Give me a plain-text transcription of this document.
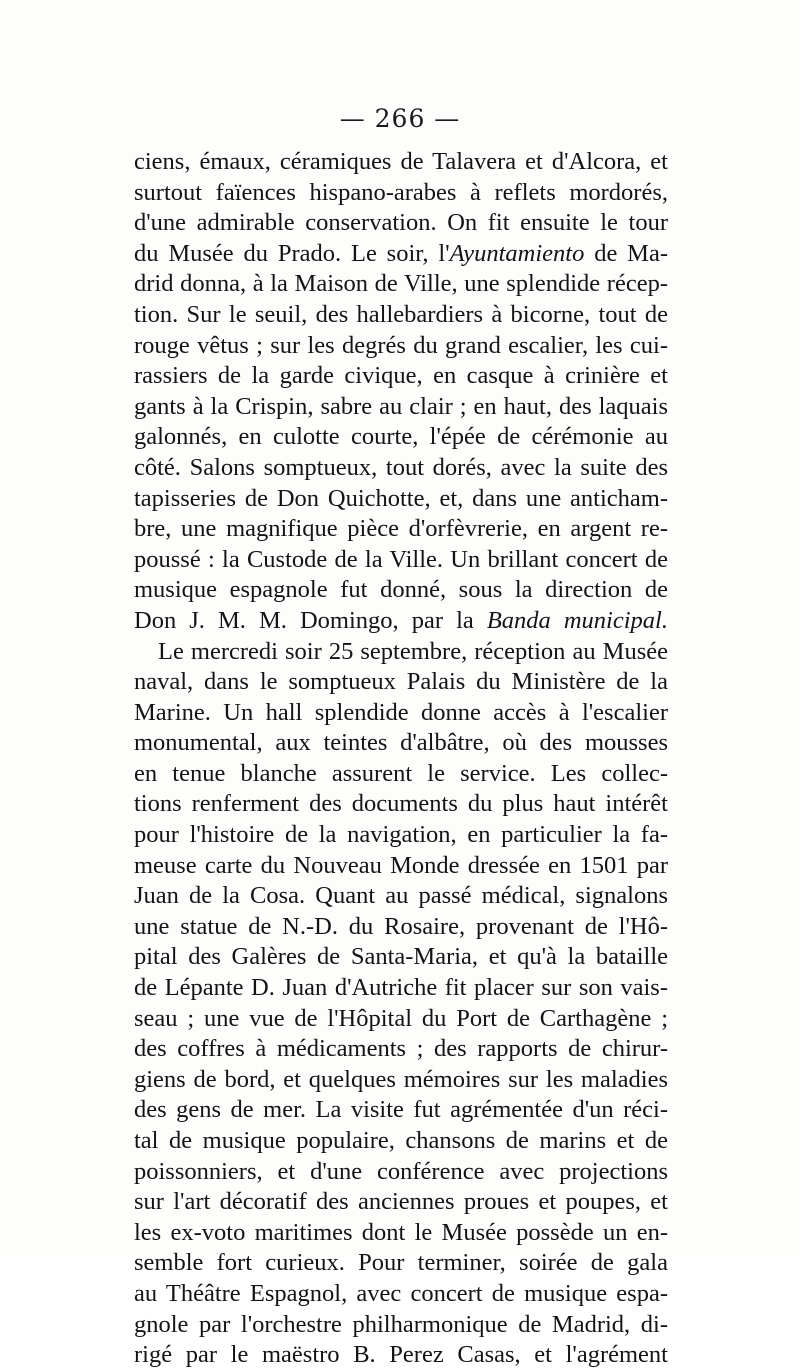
— 266 —
ciens, émaux, céramiques de Talavera et d'Alcora, et
surtout faïences hispano-arabes à reflets mordorés,
d'une admirable conservation. On fit ensuite le tour
du Musée du Prado. Le soir, l'Ayuntamiento de Ma-
drid donna, à la Maison de Ville, une splendide récep-
tion. Sur le seuil, des hallebardiers à bicorne, tout de
rouge vêtus ; sur les degrés du grand escalier, les cui-
rassiers de la garde civique, en casque à crinière et
gants à la Crispin, sabre au clair ; en haut, des laquais
galonnés, en culotte courte, l'épée de cérémonie au
côté. Salons somptueux, tout dorés, avec la suite des
tapisseries de Don Quichotte, et, dans une anticham-
bre, une magnifique pièce d'orfèvrerie, en argent re-
poussé : la Custode de la Ville. Un brillant concert de
musique espagnole fut donné, sous la direction de
Don J. M. M. Domingo, par la Banda municipal.
Le mercredi soir 25 septembre, réception au Musée
naval, dans le somptueux Palais du Ministère de la
Marine. Un hall splendide donne accès à l'escalier
monumental, aux teintes d'albâtre, où des mousses
en tenue blanche assurent le service. Les collec-
tions renferment des documents du plus haut intérêt
pour l'histoire de la navigation, en particulier la fa-
meuse carte du Nouveau Monde dressée en 1501 par
Juan de la Cosa. Quant au passé médical, signalons
une statue de N.-D. du Rosaire, provenant de l'Hô-
pital des Galères de Santa-Maria, et qu'à la bataille
de Lépante D. Juan d'Autriche fit placer sur son vais-
seau ; une vue de l'Hôpital du Port de Carthagène ;
des coffres à médicaments ; des rapports de chirur-
giens de bord, et quelques mémoires sur les maladies
des gens de mer. La visite fut agrémentée d'un réci-
tal de musique populaire, chansons de marins et de
poissonniers, et d'une conférence avec projections
sur l'art décoratif des anciennes proues et poupes, et
les ex-voto maritimes dont le Musée possède un en-
semble fort curieux. Pour terminer, soirée de gala
au Théâtre Espagnol, avec concert de musique espa-
gnole par l'orchestre philharmonique de Madrid, di-
rigé par le maëstro B. Perez Casas, et l'agrément
